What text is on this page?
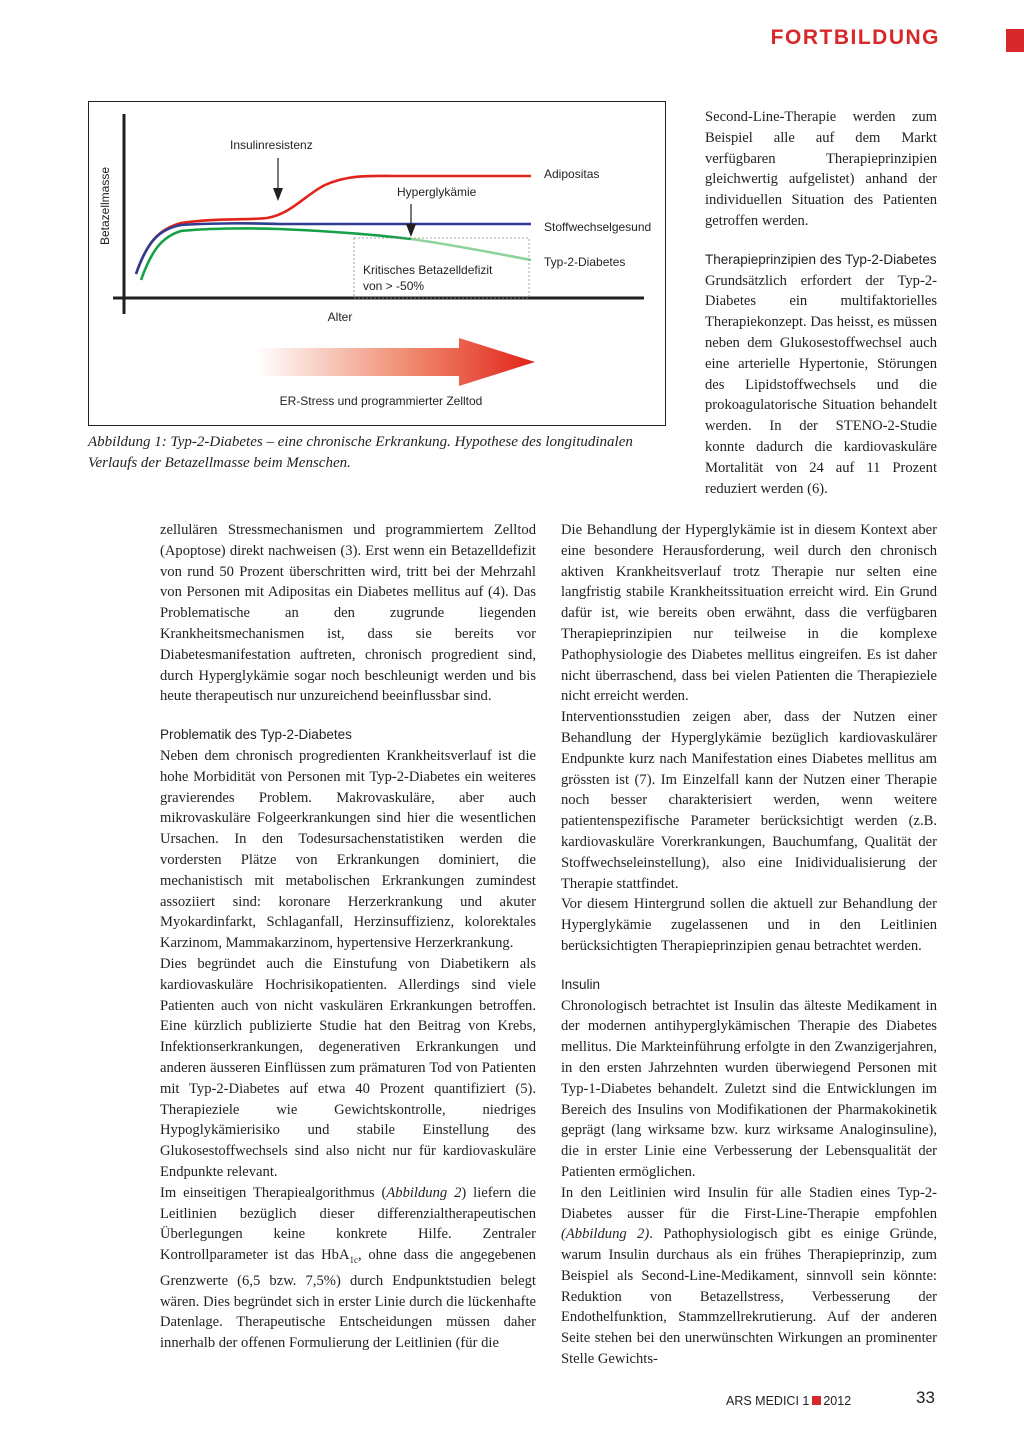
FORTBILDUNG
Betazellmasse
Alter
Kritisches Betazelldefizit
von > -50%
Insulinresistenz
Hyperglykämie
Adipositas
Stoffwechselgesund
Typ-2-Diabetes
ER-Stress und programmierter Zelltod
Abbildung 1: Typ-2-Diabetes – eine chronische Erkrankung. Hypothese des longitudinalen Verlaufs der Betazellmasse beim Menschen.

Second-Line-Therapie werden zum Beispiel alle auf dem Markt verfügbaren Therapieprinzipien gleichwertig aufgelistet) anhand der individuellen Situation des Patienten getroffen werden.

Therapieprinzipien des Typ-2-Diabetes

Grundsätzlich erfordert der Typ-2-Diabetes ein multifaktorielles Therapiekonzept. Das heisst, es müssen neben dem Glukosestoffwechsel auch eine arterielle Hypertonie, Störungen des Lipidstoffwechsels und die prokoagulatorische Situation behandelt werden. In der STENO-2-Studie konnte dadurch die kardiovaskuläre Mortalität von 24 auf 11 Prozent reduziert werden (6).

zellulären Stressmechanismen und programmiertem Zelltod (Apoptose) direkt nachweisen (3). Erst wenn ein Betazelldefizit von rund 50 Prozent überschritten wird, tritt bei der Mehrzahl von Personen mit Adipositas ein Diabetes mellitus auf (4). Das Problematische an den zugrunde liegenden Krankheitsmechanismen ist, dass sie bereits vor Diabetesmanifestation auftreten, chronisch progredient sind, durch Hyperglykämie sogar noch beschleunigt werden und bis heute therapeutisch nur unzureichend beeinflussbar sind.

Problematik des Typ-2-Diabetes

Neben dem chronisch progredienten Krankheitsverlauf ist die hohe Morbidität von Personen mit Typ-2-Diabetes ein weiteres gravierendes Problem. Makrovaskuläre, aber auch mikrovaskuläre Folgeerkrankungen sind hier die wesentlichen Ursachen. In den Todesursachenstatistiken werden die vordersten Plätze von Erkrankungen dominiert, die mechanistisch mit metabolischen Erkrankungen zumindest assoziiert sind: koronare Herzerkrankung und akuter Myokardinfarkt, Schlaganfall, Herzinsuffizienz, kolorektales Karzinom, Mammakarzinom, hypertensive Herzerkrankung.

Dies begründet auch die Einstufung von Diabetikern als kardiovaskuläre Hochrisikopatienten. Allerdings sind viele Patienten auch von nicht vaskulären Erkrankungen betroffen. Eine kürzlich publizierte Studie hat den Beitrag von Krebs, Infektionserkrankungen, degenerativen Erkrankungen und anderen äusseren Einflüssen zum prämaturen Tod von Patienten mit Typ-2-Diabetes auf etwa 40 Prozent quantifiziert (5). Therapieziele wie Gewichtskontrolle, niedriges Hypoglykämierisiko und stabile Einstellung des Glukosestoffwechsels sind also nicht nur für kardiovaskuläre Endpunkte relevant.

Im einseitigen Therapiealgorithmus (Abbildung 2) liefern die Leitlinien bezüglich dieser differenzialtherapeutischen Überlegungen keine konkrete Hilfe. Zentraler Kontrollparameter ist das HbA$_{1c}$, ohne dass die angegebenen Grenzwerte (6,5 bzw. 7,5%) durch Endpunktstudien belegt wären. Dies begründet sich in erster Linie durch die lückenhafte Datenlage. Therapeutische Entscheidungen müssen daher innerhalb der offenen Formulierung der Leitlinien (für die

Die Behandlung der Hyperglykämie ist in diesem Kontext aber eine besondere Herausforderung, weil durch den chronisch aktiven Krankheitsverlauf trotz Therapie nur selten eine langfristig stabile Krankheitssituation erreicht wird. Ein Grund dafür ist, wie bereits oben erwähnt, dass die verfügbaren Therapieprinzipien nur teilweise in die komplexe Pathophysiologie des Diabetes mellitus eingreifen. Es ist daher nicht überraschend, dass bei vielen Patienten die Therapieziele nicht erreicht werden.

Interventionsstudien zeigen aber, dass der Nutzen einer Behandlung der Hyperglykämie bezüglich kardiovaskulärer Endpunkte kurz nach Manifestation eines Diabetes mellitus am grössten ist (7). Im Einzelfall kann der Nutzen einer Therapie noch besser charakterisiert werden, wenn weitere patientenspezifische Parameter berücksichtigt werden (z.B. kardiovaskuläre Vorerkrankungen, Bauchumfang, Qualität der Stoffwechseleinstellung), also eine Inidividualisierung der Therapie stattfindet.

Vor diesem Hintergrund sollen die aktuell zur Behandlung der Hyperglykämie zugelassenen und in den Leitlinien berücksichtigten Therapieprinzipien genau betrachtet werden.

Insulin

Chronologisch betrachtet ist Insulin das älteste Medikament in der modernen antihyperglykämischen Therapie des Diabetes mellitus. Die Markteinführung erfolgte in den Zwanzigerjahren, in den ersten Jahrzehnten wurden überwiegend Personen mit Typ-1-Diabetes behandelt. Zuletzt sind die Entwicklungen im Bereich des Insulins von Modifikationen der Pharmakokinetik geprägt (lang wirksame bzw. kurz wirksame Analoginsuline), die in erster Linie eine Verbesserung der Lebensqualität der Patienten ermöglichen.

In den Leitlinien wird Insulin für alle Stadien eines Typ-2-Diabetes ausser für die First-Line-Therapie empfohlen (Abbildung 2). Pathophysiologisch gibt es einige Gründe, warum Insulin durchaus als ein frühes Therapieprinzip, zum Beispiel als Second-Line-Medikament, sinnvoll sein könnte: Reduktion von Betazellstress, Verbesserung der Endothelfunktion, Stammzellrekrutierung. Auf der anderen Seite stehen bei den unerwünschten Wirkungen an prominenter Stelle Gewichts-

ARS MEDICI 1 2012	33
